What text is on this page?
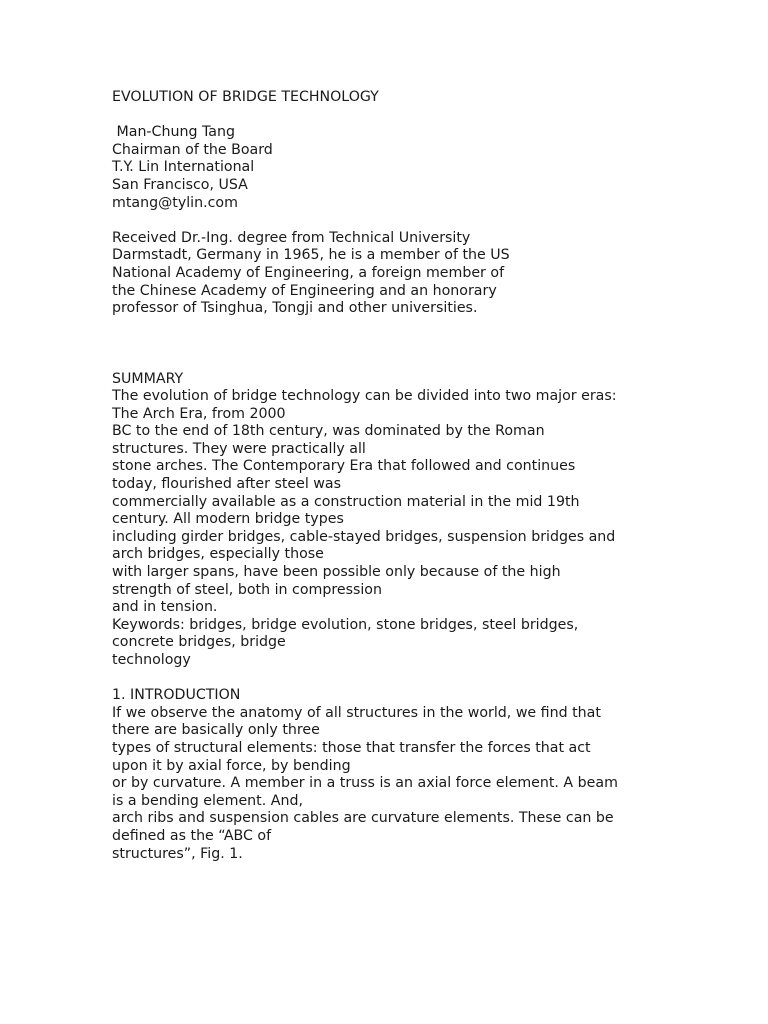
EVOLUTION OF BRIDGE TECHNOLOGY
Man-Chung Tang
Chairman of the Board
T.Y. Lin International
San Francisco, USA
mtang@tylin.com
Received Dr.-Ing. degree from Technical University
Darmstadt, Germany in 1965, he is a member of the US
National Academy of Engineering, a foreign member of
the Chinese Academy of Engineering and an honorary
professor of Tsinghua, Tongji and other universities.
SUMMARY
The evolution of bridge technology can be divided into two major eras:
The Arch Era, from 2000
BC to the end of 18th century, was dominated by the Roman
structures. They were practically all
stone arches. The Contemporary Era that followed and continues
today, flourished after steel was
commercially available as a construction material in the mid 19th
century. All modern bridge types
including girder bridges, cable-stayed bridges, suspension bridges and
arch bridges, especially those
with larger spans, have been possible only because of the high
strength of steel, both in compression
and in tension.
Keywords: bridges, bridge evolution, stone bridges, steel bridges,
concrete bridges, bridge
technology
1. INTRODUCTION
If we observe the anatomy of all structures in the world, we find that
there are basically only three
types of structural elements: those that transfer the forces that act
upon it by axial force, by bending
or by curvature. A member in a truss is an axial force element. A beam
is a bending element. And,
arch ribs and suspension cables are curvature elements. These can be
defined as the “ABC of
structures”, Fig. 1.
